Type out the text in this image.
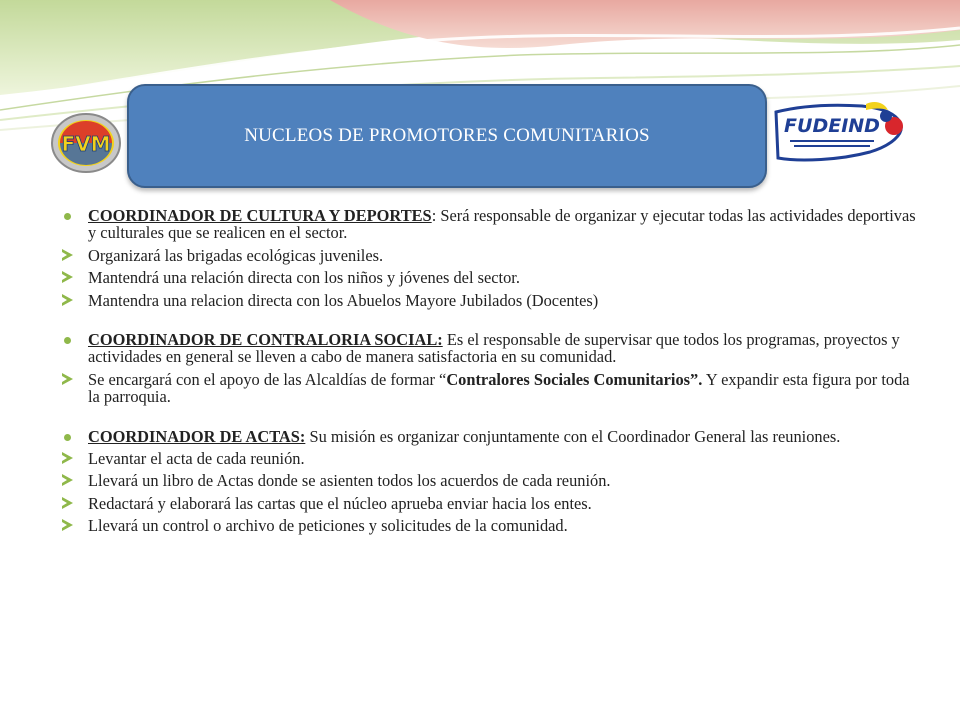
FVM
FUDEIND
NUCLEOS DE PROMOTORES COMUNITARIOS
COORDINADOR DE CULTURA Y DEPORTES: Será responsable de organizar y ejecutar todas las actividades deportivas y culturales que se realicen en el sector.
Organizará las brigadas ecológicas juveniles.
Mantendrá una relación directa con los niños y jóvenes del sector.
Mantendra una relacion directa con los Abuelos Mayore Jubilados (Docentes)
COORDINADOR DE CONTRALORIA SOCIAL: Es el responsable de supervisar que todos los programas, proyectos y actividades en general se lleven a cabo de manera satisfactoria en su comunidad.
Se encargará con el apoyo de las Alcaldías de formar “Contralores Sociales Comunitarios”. Y expandir esta figura por toda la parroquia.
COORDINADOR DE ACTAS: Su misión es organizar conjuntamente con el Coordinador General las reuniones.
Levantar el acta de cada reunión.
Llevará un libro de Actas donde se asienten todos los acuerdos de cada reunión.
Redactará y elaborará las cartas que el núcleo aprueba enviar hacia los entes.
Llevará un control o archivo de peticiones y solicitudes de la comunidad.
